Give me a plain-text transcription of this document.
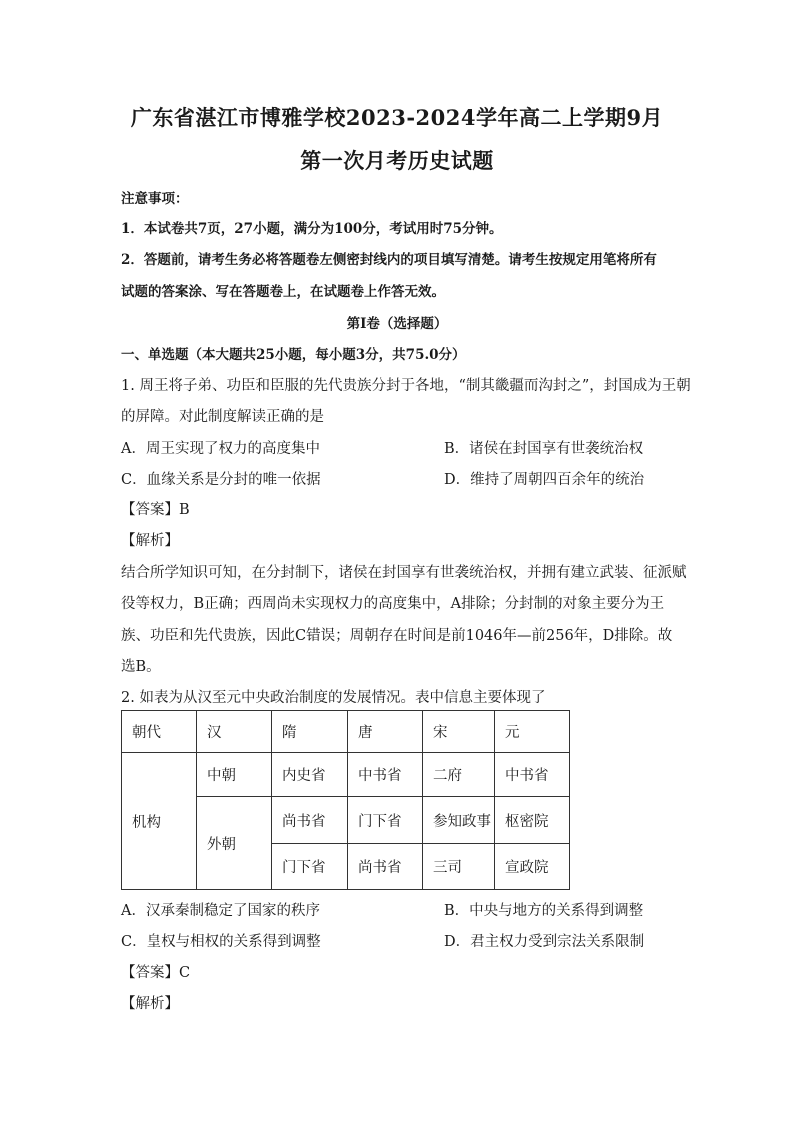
广东省湛江市博雅学校2023-2024学年高二上学期9月
第一次月考历史试题
注意事项：
1．本试卷共7页，27小题，满分为100分，考试用时75分钟。
2．答题前，请考生务必将答题卷左侧密封线内的项目填写清楚。请考生按规定用笔将所有
试题的答案涂、写在答题卷上，在试题卷上作答无效。
第I卷（选择题）
一、单选题（本大题共25小题，每小题3分，共75.0分）
1. 周王将子弟、功臣和臣服的先代贵族分封于各地，“制其畿疆而沟封之”，封国成为王朝
的屏障。对此制度解读正确的是
A．周王实现了权力的高度集中	B．诸侯在封国享有世袭统治权
C．血缘关系是分封的唯一依据	D．维持了周朝四百余年的统治
【答案】B
【解析】
结合所学知识可知，在分封制下，诸侯在封国享有世袭统治权，并拥有建立武装、征派赋
役等权力，B正确；西周尚未实现权力的高度集中，A排除；分封制的对象主要分为王
族、功臣和先代贵族，因此C错误；周朝存在时间是前1046年—前256年，D排除。故
选B。
2. 如表为从汉至元中央政治制度的发展情况。表中信息主要体现了
朝代	汉	隋	唐	宋	元
机构	中朝	内史省	中书省	二府	中书省
	外朝	尚书省	门下省	参知政事	枢密院
		门下省	尚书省	三司	宣政院
A．汉承秦制稳定了国家的秩序	B．中央与地方的关系得到调整
C．皇权与相权的关系得到调整	D．君主权力受到宗法关系限制
【答案】C
【解析】
